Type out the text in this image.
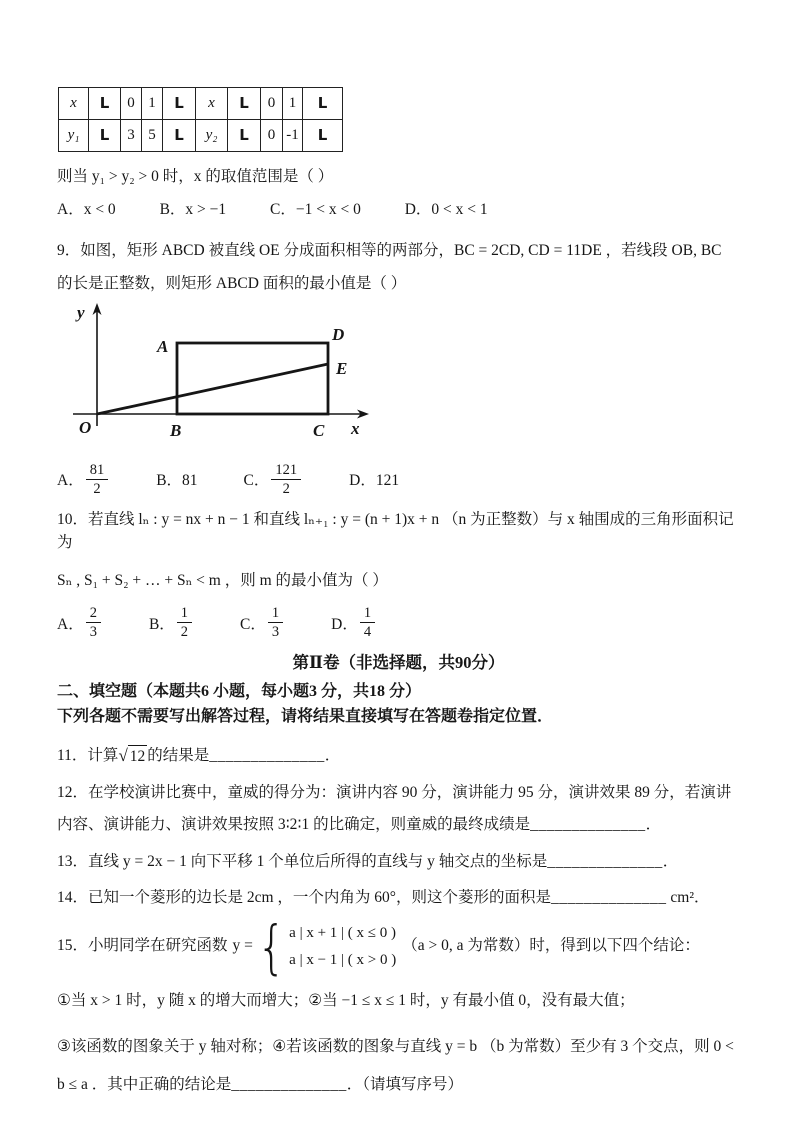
x	L	0	1	L	x	L	0	1	L
y₁	L	3	5	L	y₂	L	0	-1	L
则当 y₁ > y₂ > 0 时，x 的取值范围是（ ）
A．x < 0	B．x > −1	C．−1 < x < 0	D．0 < x < 1
9．如图，矩形 ABCD 被直线 OE 分成面积相等的两部分，BC = 2CD, CD = 11DE ，若线段 OB, BC 的长是正整数，则矩形 ABCD 面积的最小值是（ ）
y
O
A
D
E
B	C x
A． $\frac{81}{2}$	B． 81	C． $\frac{121}{2}$	D． 121
10．若直线 lₙ : y = nx + n − 1 和直线 lₙ₊₁ : y = (n + 1)x + n （n 为正整数）与 x 轴围成的三角形面积记为
Sₙ , S₁ + S₂ + … + Sₙ < m ，则 m 的最小值为（ ）
A． $\frac{2}{3}$	B． $\frac{1}{2}$	C． $\frac{1}{3}$	D． $\frac{1}{4}$
第Ⅱ卷（非选择题，共90分）
二、填空题（本题共6 小题，每小题3 分，共18 分）
下列各题不需要写出解答过程，请将结果直接填写在答题卷指定位置．
11．计算 √ 12 的结果是 ______________ ．
12．在学校演讲比赛中，童威的得分为：演讲内容 90 分，演讲能力 95 分，演讲效果 89 分，若演讲内容、演讲能力、演讲效果按照 3∶2∶1 的比确定，则童威的最终成绩是______________．
13．直线 y = 2x − 1 向下平移 1 个单位后所得的直线与 y 轴交点的坐标是______________．
14．已知一个菱形的边长是 2cm ，一个内角为 60°，则这个菱形的面积是______________ cm²．
15．小明同学在研究函数 y = { a | x + 1 | ( x ≤ 0 )
a | x − 1 | ( x > 0 )
（a > 0, a 为常数）时，得到以下四个结论：
①当 x > 1 时，y 随 x 的增大而增大；②当 −1 ≤ x ≤ 1 时，y 有最小值 0，没有最大值；
③该函数的图象关于 y 轴对称；④若该函数的图象与直线 y = b （b 为常数）至少有 3 个交点，则 0 < b ≤ a ．其中正确的结论是______________．（请填写序号）
